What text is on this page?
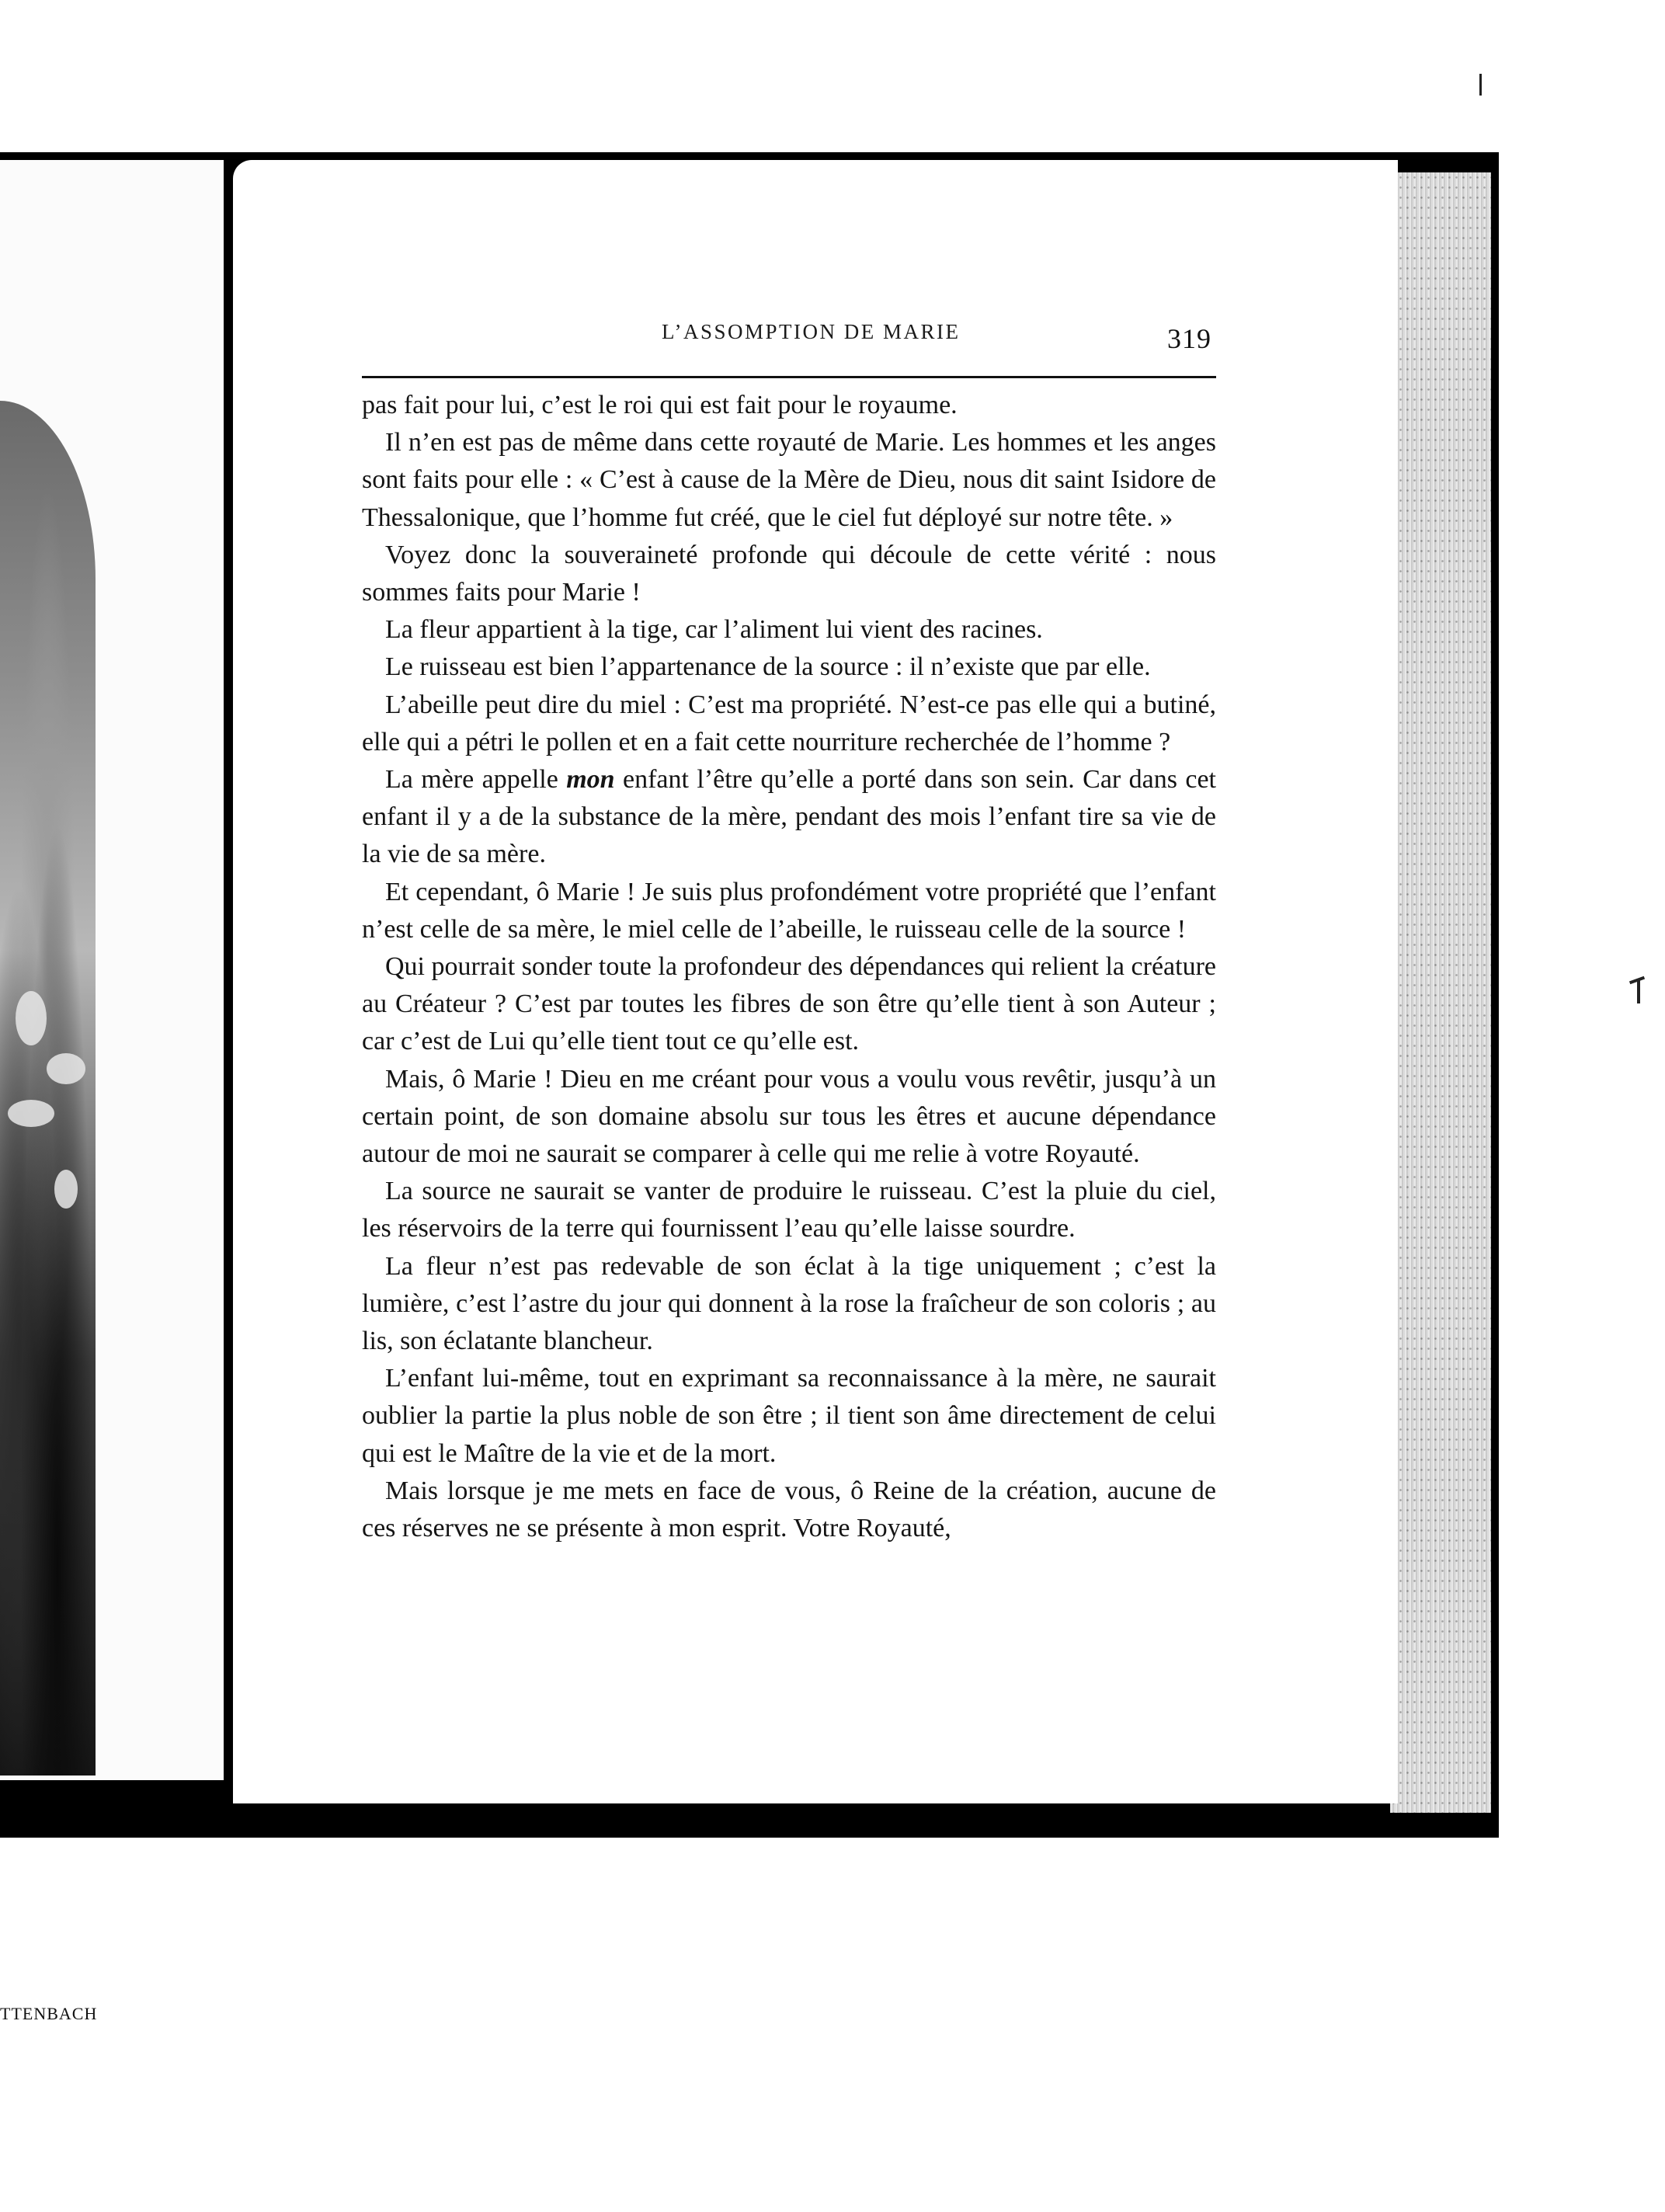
TTENBACH
L’ASSOMPTION DE MARIE	319

pas fait pour lui, c’est le roi qui est fait pour le royaume.

Il n’en est pas de même dans cette royauté de Marie. Les hommes et les anges sont faits pour elle : « C’est à cause de la Mère de Dieu, nous dit saint Isidore de Thessalonique, que l’homme fut créé, que le ciel fut déployé sur notre tête. »

Voyez donc la souveraineté profonde qui découle de cette vérité : nous sommes faits pour Marie !

La fleur appartient à la tige, car l’aliment lui vient des racines.

Le ruisseau est bien l’appartenance de la source : il n’existe que par elle.

L’abeille peut dire du miel : C’est ma propriété. N’est-ce pas elle qui a butiné, elle qui a pétri le pollen et en a fait cette nourriture recherchée de l’homme ?

La mère appelle mon enfant l’être qu’elle a porté dans son sein. Car dans cet enfant il y a de la substance de la mère, pendant des mois l’enfant tire sa vie de la vie de sa mère.

Et cependant, ô Marie ! Je suis plus profondément votre propriété que l’enfant n’est celle de sa mère, le miel celle de l’abeille, le ruisseau celle de la source !

Qui pourrait sonder toute la profondeur des dépendances qui relient la créature au Créateur ? C’est par toutes les fibres de son être qu’elle tient à son Auteur ; car c’est de Lui qu’elle tient tout ce qu’elle est.

Mais, ô Marie ! Dieu en me créant pour vous a voulu vous revêtir, jusqu’à un certain point, de son domaine absolu sur tous les êtres et aucune dépendance autour de moi ne saurait se comparer à celle qui me relie à votre Royauté.

La source ne saurait se vanter de produire le ruisseau. C’est la pluie du ciel, les réservoirs de la terre qui fournissent l’eau qu’elle laisse sourdre.

La fleur n’est pas redevable de son éclat à la tige uniquement ; c’est la lumière, c’est l’astre du jour qui donnent à la rose la fraîcheur de son coloris ; au lis, son éclatante blancheur.

L’enfant lui-même, tout en exprimant sa reconnaissance à la mère, ne saurait oublier la partie la plus noble de son être ; il tient son âme directement de celui qui est le Maître de la vie et de la mort.

Mais lorsque je me mets en face de vous, ô Reine de la création, aucune de ces réserves ne se présente à mon esprit. Votre Royauté,
